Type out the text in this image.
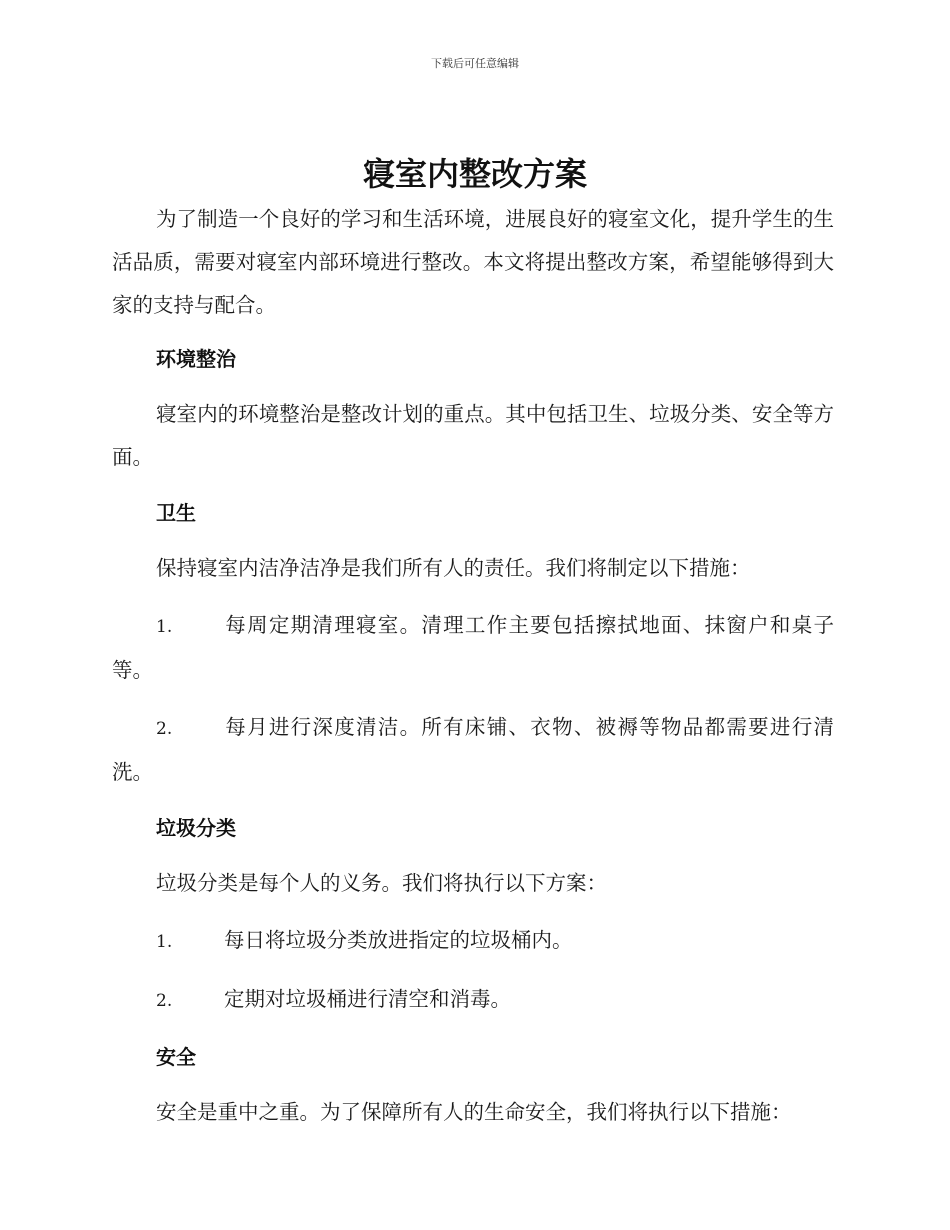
下载后可任意编辑
寝室内整改方案

为了制造一个良好的学习和生活环境，进展良好的寝室文化，提升学生的生活品质，需要对寝室内部环境进行整改。本文将提出整改方案，希望能够得到大家的支持与配合。

环境整治

寝室内的环境整治是整改计划的重点。其中包括卫生、垃圾分类、安全等方面。

卫生

保持寝室内洁净洁净是我们所有人的责任。我们将制定以下措施：

1.	每周定期清理寝室。清理工作主要包括擦拭地面、抹窗户和桌子等。

2.	每月进行深度清洁。所有床铺、衣物、被褥等物品都需要进行清洗。

垃圾分类

垃圾分类是每个人的义务。我们将执行以下方案：

1.	每日将垃圾分类放进指定的垃圾桶内。

2.	定期对垃圾桶进行清空和消毒。

安全

安全是重中之重。为了保障所有人的生命安全，我们将执行以下措施：
